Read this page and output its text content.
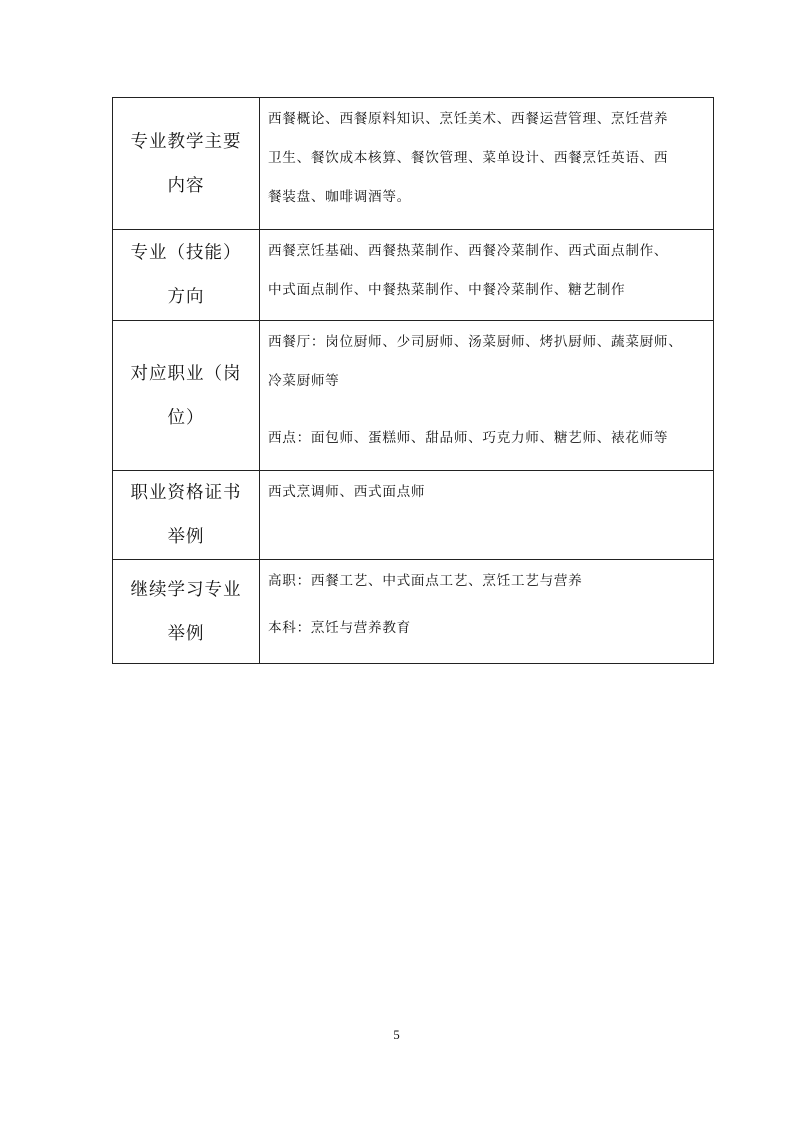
专业教学主要
内容	西餐概论、西餐原料知识、烹饪美术、西餐运营管理、烹饪营养
卫生、餐饮成本核算、餐饮管理、菜单设计、西餐烹饪英语、西
餐装盘、咖啡调酒等。

专业（技能）
方向	西餐烹饪基础、西餐热菜制作、西餐冷菜制作、西式面点制作、
中式面点制作、中餐热菜制作、中餐冷菜制作、糖艺制作

对应职业（岗
位）	西餐厅：岗位厨师、少司厨师、汤菜厨师、烤扒厨师、蔬菜厨师、
冷菜厨师等
西点：面包师、蛋糕师、甜品师、巧克力师、糖艺师、裱花师等

职业资格证书
举例	西式烹调师、西式面点师

继续学习专业
举例	高职：西餐工艺、中式面点工艺、烹饪工艺与营养
本科：烹饪与营养教育
5
